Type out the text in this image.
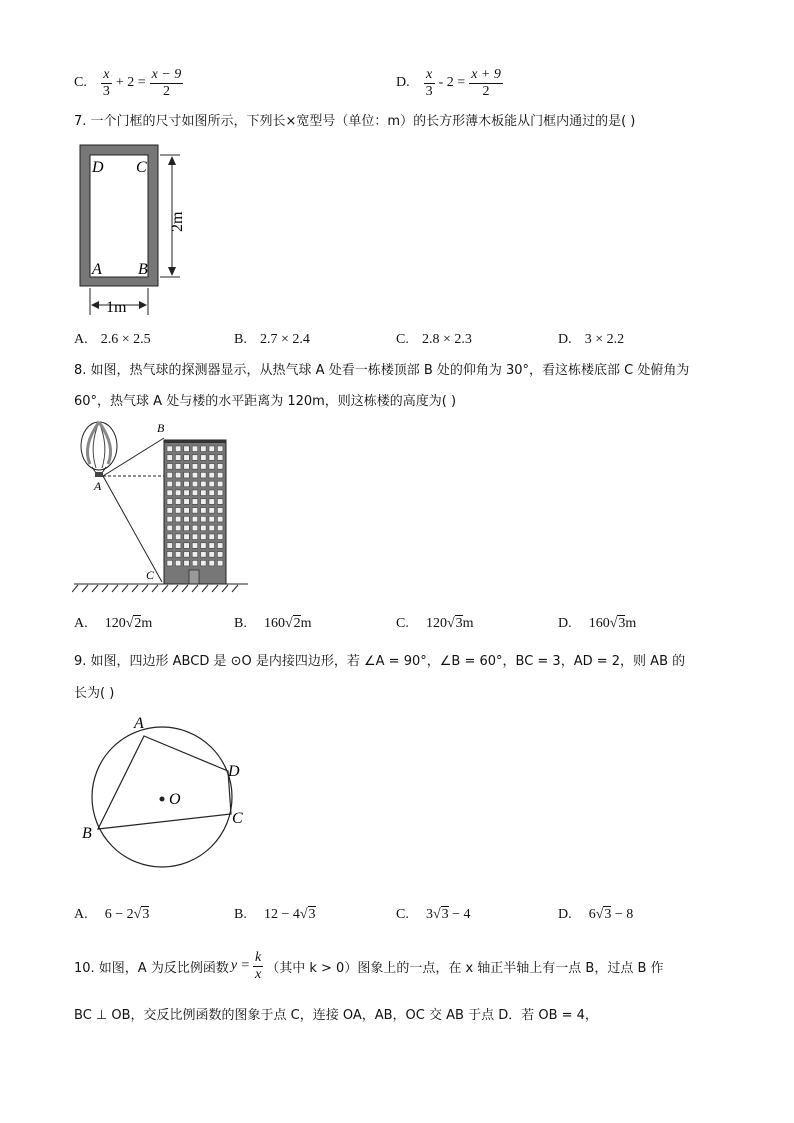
C. $\frac{x}{3} + 2 = \frac{x - 9}{2}$	D. $\frac{x}{3} - 2 = \frac{x + 9}{2}$
7. 一个门框的尺寸如图所示，下列长×宽型号（单位：m）的长方形薄木板能从门框内通过的是( )
D C
A B
2m
1m
A. 2.6 × 2.5	B. 2.7 × 2.4	C. 2.8 × 2.3	D. 3 × 2.2
8. 如图，热气球的探测器显示，从热气球 A 处看一栋楼顶部 B 处的仰角为 30°，看这栋楼底部 C 处俯角为
60°，热气球 A 处与楼的水平距离为 120m，则这栋楼的高度为( )
A
B
C
A. 120√2m	B. 160√2m	C. 120√3m	D. 160√3m
9. 如图，四边形 ABCD 是 ⊙O 是内接四边形，若 ∠A = 90°，∠B = 60°，BC = 3，AD = 2，则 AB 的
长为( )
O
A
D
C
B
A. 6 − 2√3	B. 12 − 4√3	C. 3√3 − 4	D. 6√3 − 8
10. 如图，A 为反比例函数 $y = \frac{k}{x}$ （其中 k > 0）图象上的一点，在 x 轴正半轴上有一点 B，过点 B 作
BC ⊥ OB，交反比例函数的图象于点 C，连接 OA，AB，OC 交 AB 于点 D．若 OB = 4，
